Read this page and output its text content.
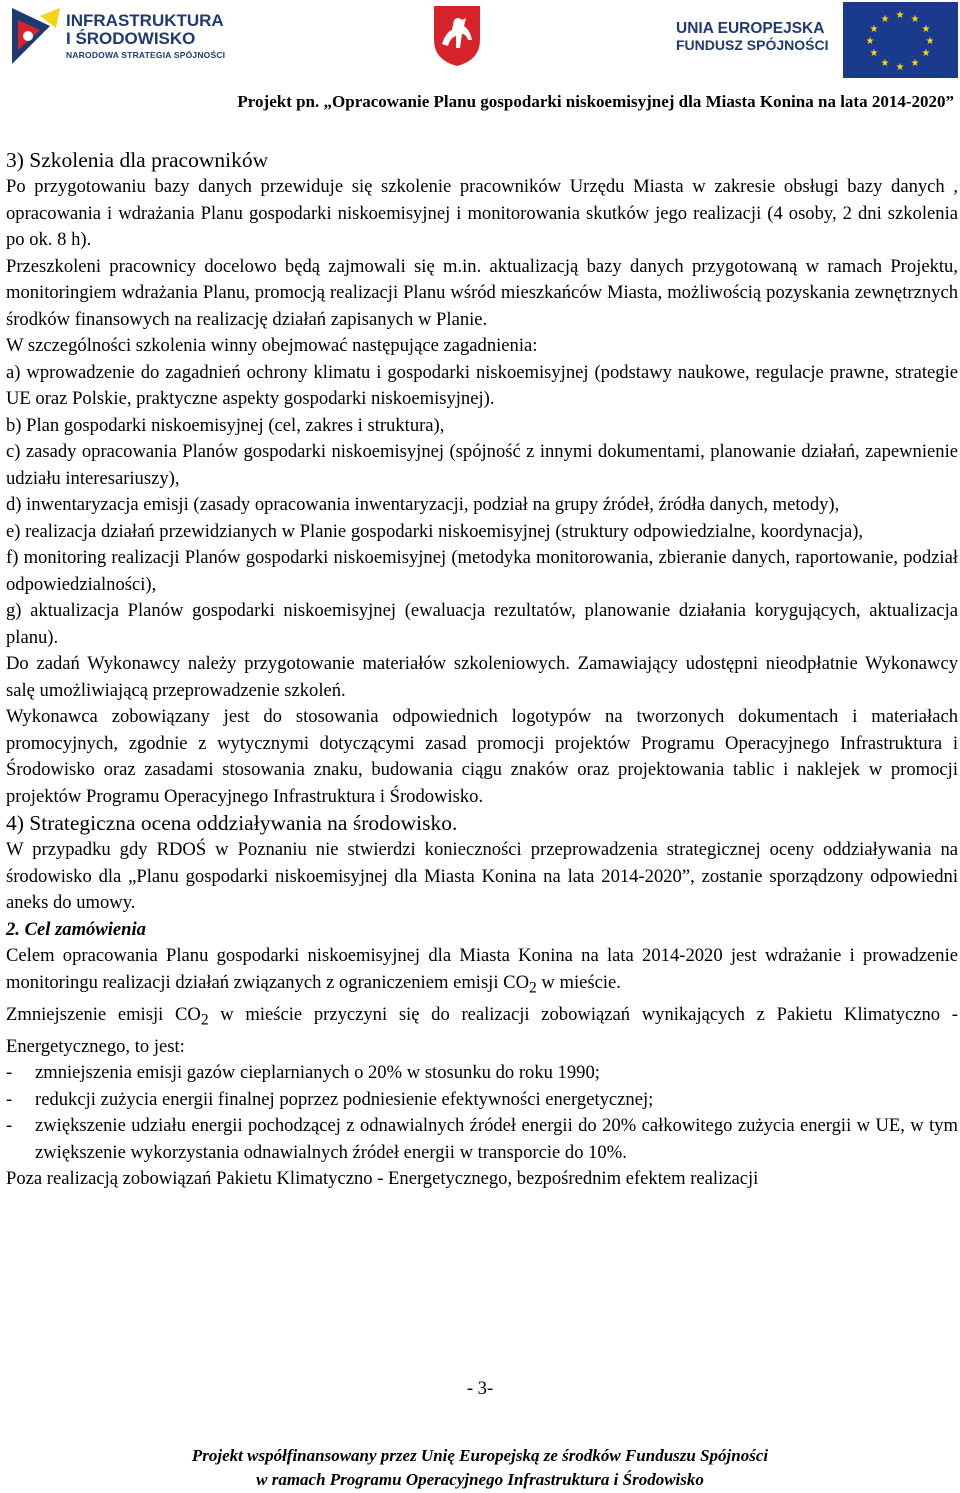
INFRASTRUKTURA
I ŚRODOWISKO
NARODOWA STRATEGIA SPÓJNOŚCI
UNIA EUROPEJSKA
FUNDUSZ SPÓJNOŚCI
★ ★
★
★
★
★
★
★
★
★
★
★
Projekt pn. „Opracowanie Planu gospodarki niskoemisyjnej dla Miasta Konina na lata 2014-2020”

3) Szkolenia dla pracowników

Po przygotowaniu bazy danych przewiduje się szkolenie pracowników Urzędu Miasta w zakresie obsługi bazy danych , opracowania i wdrażania Planu gospodarki niskoemisyjnej i monitorowania skutków jego realizacji (4 osoby, 2 dni szkolenia po ok. 8 h).

Przeszkoleni pracownicy docelowo będą zajmowali się m.in. aktualizacją bazy danych przygotowaną w ramach Projektu, monitoringiem wdrażania Planu, promocją realizacji Planu wśród mieszkańców Miasta, możliwością pozyskania zewnętrznych środków finansowych na realizację działań zapisanych w Planie.

W szczególności szkolenia winny obejmować następujące zagadnienia:

a) wprowadzenie do zagadnień ochrony klimatu i gospodarki niskoemisyjnej (podstawy naukowe, regulacje prawne, strategie UE oraz Polskie, praktyczne aspekty gospodarki niskoemisyjnej).

b) Plan gospodarki niskoemisyjnej (cel, zakres i struktura),

c) zasady opracowania Planów gospodarki niskoemisyjnej (spójność z innymi dokumentami, planowanie działań, zapewnienie udziału interesariuszy),

d) inwentaryzacja emisji (zasady opracowania inwentaryzacji, podział na grupy źródeł, źródła danych, metody),

e) realizacja działań przewidzianych w Planie gospodarki niskoemisyjnej (struktury odpowiedzialne, koordynacja),

f) monitoring realizacji Planów gospodarki niskoemisyjnej (metodyka monitorowania, zbieranie danych, raportowanie, podział odpowiedzialności),

g) aktualizacja Planów gospodarki niskoemisyjnej (ewaluacja rezultatów, planowanie działania korygujących, aktualizacja planu).

Do zadań Wykonawcy należy przygotowanie materiałów szkoleniowych. Zamawiający udostępni nieodpłatnie Wykonawcy salę umożliwiającą przeprowadzenie szkoleń.

Wykonawca zobowiązany jest do stosowania odpowiednich logotypów na tworzonych dokumentach i materiałach promocyjnych, zgodnie z wytycznymi dotyczącymi zasad promocji projektów Programu Operacyjnego Infrastruktura i Środowisko oraz zasadami stosowania znaku, budowania ciągu znaków oraz projektowania tablic i naklejek w promocji projektów Programu Operacyjnego Infrastruktura i Środowisko.

4) Strategiczna ocena oddziaływania na środowisko.

W przypadku gdy RDOŚ w Poznaniu nie stwierdzi konieczności przeprowadzenia strategicznej oceny oddziaływania na środowisko dla „Planu gospodarki niskoemisyjnej dla Miasta Konina na lata 2014-2020”, zostanie sporządzony odpowiedni aneks do umowy.

2. Cel zamówienia

Celem opracowania Planu gospodarki niskoemisyjnej dla Miasta Konina na lata 2014-2020 jest wdrażanie i prowadzenie monitoringu realizacji działań związanych z ograniczeniem emisji $CO_2$ w mieście.

Zmniejszenie emisji $CO_2$ w mieście przyczyni się do realizacji zobowiązań wynikających z Pakietu Klimatyczno - Energetycznego, to jest:

-	zmniejszenia emisji gazów cieplarnianych o 20% w stosunku do roku 1990;
-	redukcji zużycia energii finalnej poprzez podniesienie efektywności energetycznej;
-	zwiększenie udziału energii pochodzącej z odnawialnych źródeł energii do 20% całkowitego zużycia energii w UE, w tym zwiększenie wykorzystania odnawialnych źródeł energii w transporcie do 10%.

Poza realizacją zobowiązań Pakietu Klimatyczno - Energetycznego, bezpośrednim efektem realizacji

- 3-
Projekt współfinansowany przez Unię Europejską ze środków Funduszu Spójności
w ramach Programu Operacyjnego Infrastruktura i Środowisko
